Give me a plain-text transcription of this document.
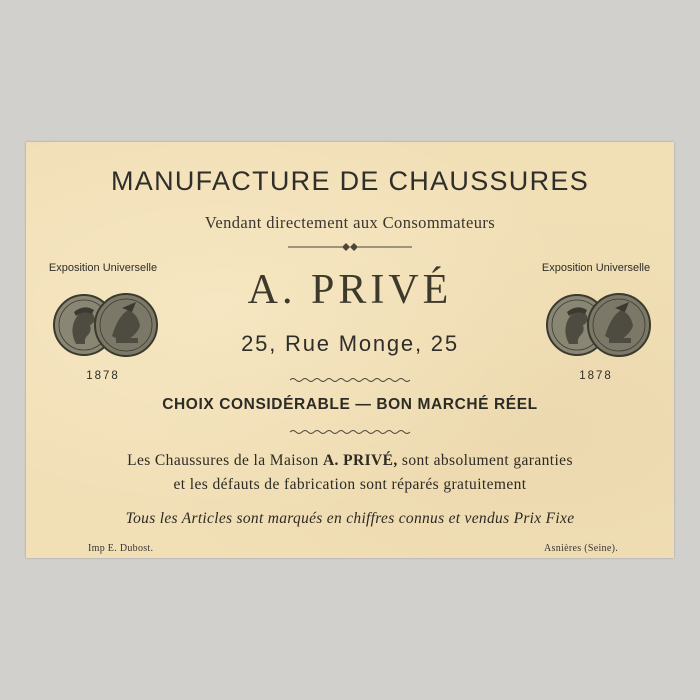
MANUFACTURE DE CHAUSSURES
Vendant directement aux Consommateurs
A. PRIVÉ
25, Rue Monge, 25
CHOIX CONSIDÉRABLE — BON MARCHÉ RÉEL
Les Chaussures de la Maison A. PRIVÉ, sont absolument garanties
et les défauts de fabrication sont réparés gratuitement
Tous les Articles sont marqués en chiffres connus et vendus Prix Fixe
Imp E. Dubost.	Asnières (Seine).
Exposition Universelle
1878
Exposition Universelle
1878
